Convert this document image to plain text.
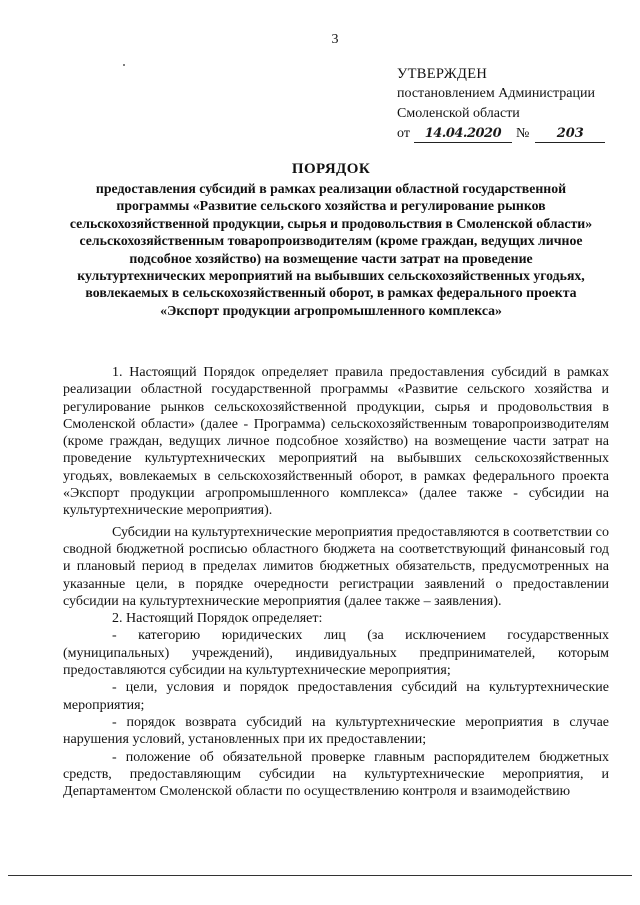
3
УТВЕРЖДЕН
постановлением Администрации
Смоленской области
от	14.04.2020	№	203
ПОРЯДОК
предоставления субсидий в рамках реализации областной государственной программы «Развитие сельского хозяйства и регулирование рынков сельскохозяйственной продукции, сырья и продовольствия в Смоленской области» сельскохозяйственным товаропроизводителям (кроме граждан, ведущих личное подсобное хозяйство) на возмещение части затрат на проведение культуртехнических мероприятий на выбывших сельскохозяйственных угодьях, вовлекаемых в сельскохозяйственный оборот, в рамках федерального проекта «Экспорт продукции агропромышленного комплекса»

1. Настоящий Порядок определяет правила предоставления субсидий в рамках реализации областной государственной программы «Развитие сельского хозяйства и регулирование рынков сельскохозяйственной продукции, сырья и продовольствия в Смоленской области» (далее - Программа) сельскохозяйственным товаропроизводителям (кроме граждан, ведущих личное подсобное хозяйство) на возмещение части затрат на проведение культуртехнических мероприятий на выбывших сельскохозяйственных угодьях, вовлекаемых в сельскохозяйственный оборот, в рамках федерального проекта «Экспорт продукции агропромышленного комплекса» (далее также - субсидии на культуртехнические мероприятия).

Субсидии на культуртехнические мероприятия предоставляются в соответствии со сводной бюджетной росписью областного бюджета на соответствующий финансовый год и плановый период в пределах лимитов бюджетных обязательств, предусмотренных на указанные цели, в порядке очередности регистрации заявлений о предоставлении субсидии на культуртехнические мероприятия (далее также – заявления).

2. Настоящий Порядок определяет:

- категорию юридических лиц (за исключением государственных (муниципальных) учреждений), индивидуальных предпринимателей, которым предоставляются субсидии на культуртехнические мероприятия;

- цели, условия и порядок предоставления субсидий на культуртехнические мероприятия;

- порядок возврата субсидий на культуртехнические мероприятия в случае нарушения условий, установленных при их предоставлении;

- положение об обязательной проверке главным распорядителем бюджетных средств, предоставляющим субсидии на культуртехнические мероприятия, и Департаментом Смоленской области по осуществлению контроля и взаимодействию
